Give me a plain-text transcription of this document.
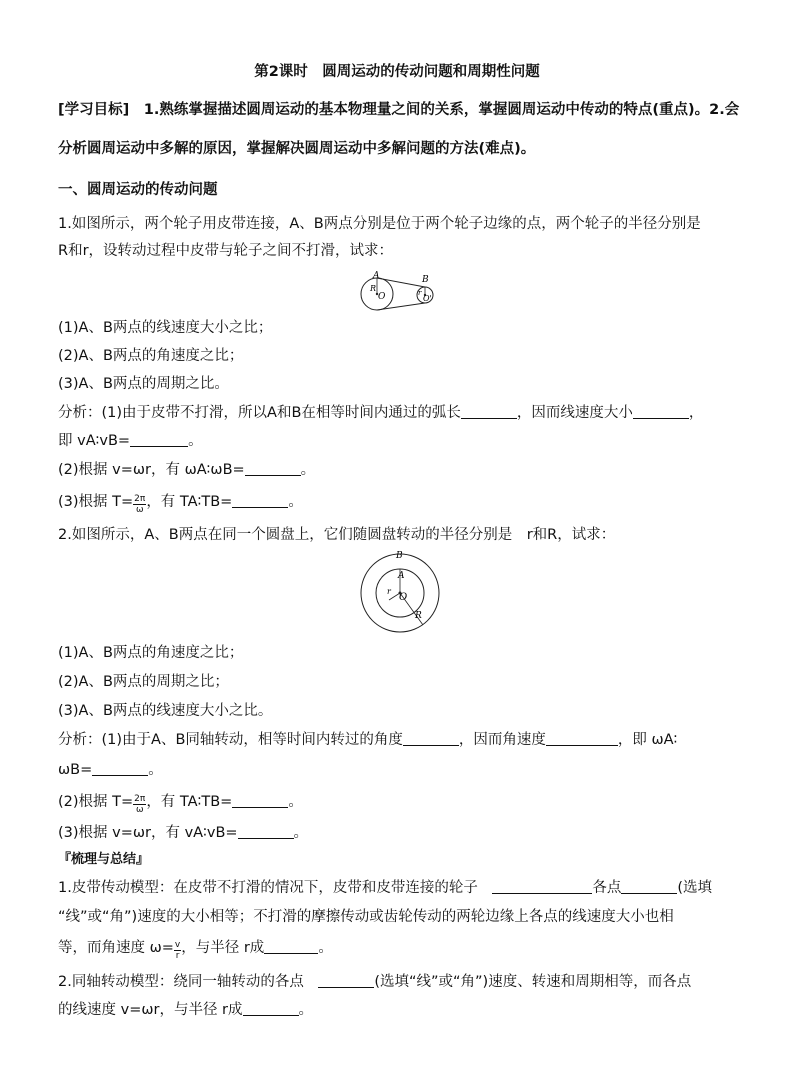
第2课时　圆周运动的传动问题和周期性问题
[学习目标]　 1.熟练掌握描述圆周运动的基本物理量之间的关系，掌握圆周运动中传动的特点(重点)。2.会
分析圆周运动中多解的原因，掌握解决圆周运动中多解问题的方法(难点)。
一、圆周运动的传动问题
1.如图所示，两个轮子用皮带连接，A、B两点分别是位于两个轮子边缘的点，两个轮子的半径分别是
R和r，设转动过程中皮带与轮子之间不打滑，试求：
A	B
R
O	r
O'
(1)A、B两点的线速度大小之比；
(2)A、B两点的角速度之比；
(3)A、B两点的周期之比。
分析：(1)由于皮带不打滑，所以A和B在相等时间内通过的弧长	，因而线速度大小	，
即 vA∶vB=	。
(2)根据 v=ωr，有 ωA∶ωB=	。
(3)根据 $T= \frac{2\pi}{\omega}$ ，有 TA∶TB=	。
2.如图所示，A、B两点在同一个圆盘上，它们随圆盘转动的半径分别是　r和R，试求：
B
A
r
O
R
(1)A、B两点的角速度之比；
(2)A、B两点的周期之比；
(3)A、B两点的线速度大小之比。
分析：(1)由于A、B同轴转动，相等时间内转过的角度	，因而角速度	，即 ωA∶
ωB=	。
(2)根据 $T= \frac{2\pi}{\omega}$ ，有 TA∶TB=	。
(3)根据 v=ωr，有 vA∶vB=	。
『梳理与总结』
1.皮带传动模型：在皮带不打滑的情况下，皮带和皮带连接的轮子　	各点	(选填
“线”或“角”)速度的大小相等；不打滑的摩擦传动或齿轮传动的两轮边缘上各点的线速度大小也相
等，而角速度 $\omega= \frac{v}{r}$ ，与半径 r成	。
2.同轴转动模型：绕同一轴转动的各点　	(选填“线”或“角”)速度、转速和周期相等，而各点
的线速度 v=ωr，与半径 r成	。
